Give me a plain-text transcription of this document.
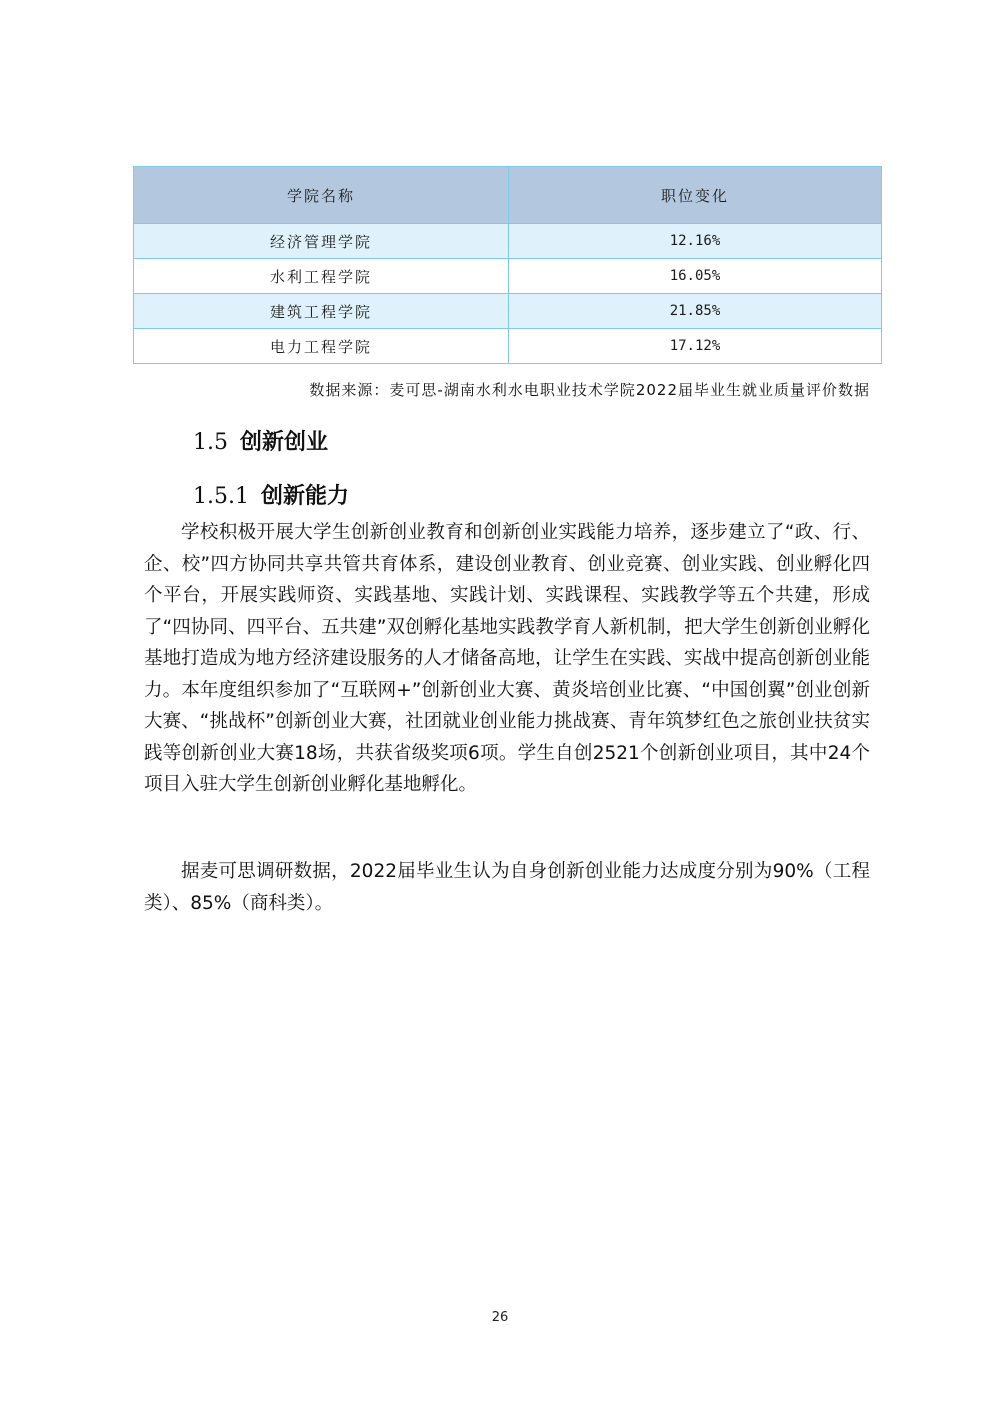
学院名称	职位变化
经济管理学院	12.16%
水利工程学院	16.05%
建筑工程学院	21.85%
电力工程学院	17.12%
数据来源：麦可思-湖南水利水电职业技术学院2022届毕业生就业质量评价数据
1.5 创新创业
1.5.1 创新能力

学校积极开展大学生创新创业教育和创新创业实践能力培养，逐步建立了“政、行、企、校”四方协同共享共管共育体系，建设创业教育、创业竞赛、创业实践、创业孵化四个平台，开展实践师资、实践基地、实践计划、实践课程、实践教学等五个共建，形成了“四协同、四平台、五共建”双创孵化基地实践教学育人新机制，把大学生创新创业孵化基地打造成为地方经济建设服务的人才储备高地，让学生在实践、实战中提高创新创业能力。本年度组织参加了“互联网+”创新创业大赛、黄炎培创业比赛、“中国创翼”创业创新大赛、“挑战杯”创新创业大赛，社团就业创业能力挑战赛、青年筑梦红色之旅创业扶贫实践等创新创业大赛18场，共获省级奖项6项。学生自创2521个创新创业项目，其中24个项目入驻大学生创新创业孵化基地孵化。

据麦可思调研数据，2022届毕业生认为自身创新创业能力达成度分别为90%（工程类）、85%（商科类）。

26
